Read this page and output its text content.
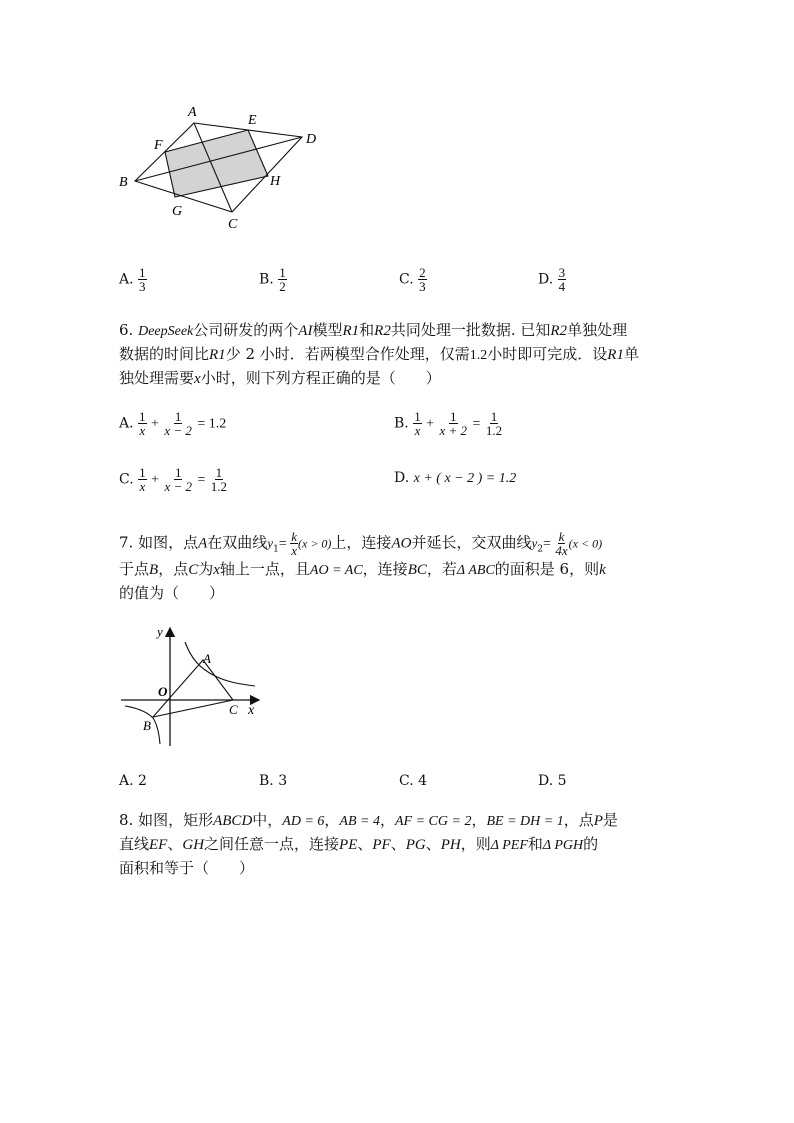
A
E
D
F
B	H
G
C
A. $\frac{1}{3}$	B. $\frac{1}{2}$	C. $\frac{2}{3}$	D. $\frac{3}{4}$
6. DeepSeek公司研发的两个AI模型R1和R2共同处理一批数据. 已知R2单独处理
数据的时间比R1少 2 小时．若两模型合作处理，仅需1.2小时即可完成．设R1单
独处理需要x小时，则下列方程正确的是（　　）
A. $\frac{1}{x} + \frac{1}{x - 2} = 1.2$	B. $\frac{1}{x} + \frac{1}{x + 2} = \frac{1}{1.2}$
C. $\frac{1}{x} + \frac{1}{x - 2} = \frac{1}{1.2}$	D. x + ( x − 2 ) = 1.2
7. 如图，点A在双曲线$y_1= \frac{k}{x} (x > 0)$上，连接AO并延长，交双曲线$y_2= \frac{k}{4x} (x < 0)$
于点B，点C为x轴上一点，且AO = AC，连接BC，若Δ ABC的面积是 6，则k
的值为（　　）
y
x
O
A
B
C
A. 2	B. 3	C. 4	D. 5
8. 如图，矩形ABCD中，AD = 6，AB = 4，AF = CG = 2，BE = DH = 1，点P是
直线EF、GH之间任意一点，连接PE、PF、PG、PH，则Δ PEF和Δ PGH的
面积和等于（　　）
